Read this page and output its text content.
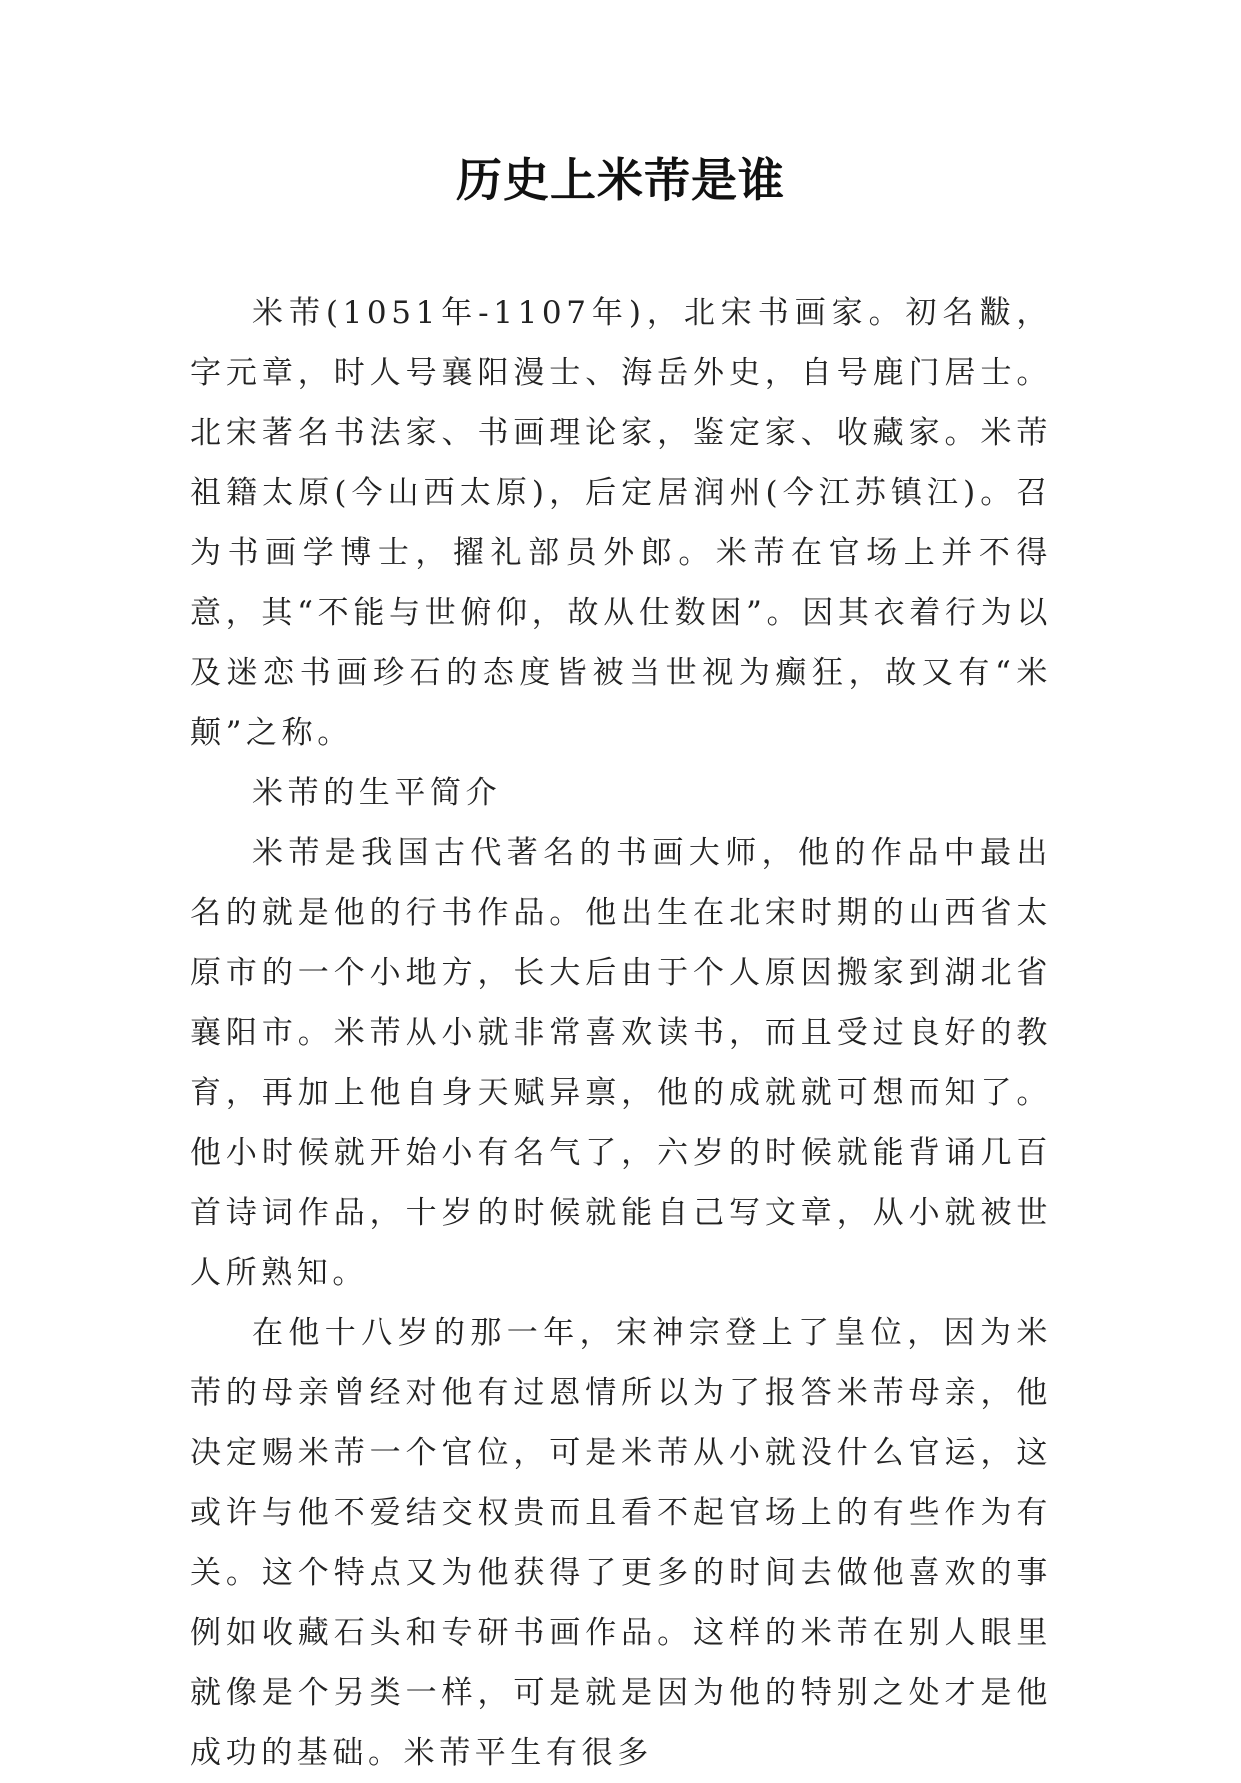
历史上米芾是谁

米芾(1051年-1107年)，北宋书画家。初名黻，字元章，时人号襄阳漫士、海岳外史，自号鹿门居士。北宋著名书法家、书画理论家，鉴定家、收藏家。米芾祖籍太原(今山西太原)，后定居润州(今江苏镇江)。召为书画学博士，擢礼部员外郎。米芾在官场上并不得意，其“不能与世俯仰，故从仕数困”。因其衣着行为以及迷恋书画珍石的态度皆被当世视为癫狂，故又有“米颠”之称。

米芾的生平简介

米芾是我国古代著名的书画大师，他的作品中最出名的就是他的行书作品。他出生在北宋时期的山西省太原市的一个小地方，长大后由于个人原因搬家到湖北省襄阳市。米芾从小就非常喜欢读书，而且受过良好的教育，再加上他自身天赋异禀，他的成就就可想而知了。他小时候就开始小有名气了，六岁的时候就能背诵几百首诗词作品，十岁的时候就能自己写文章，从小就被世人所熟知。

在他十八岁的那一年，宋神宗登上了皇位，因为米芾的母亲曾经对他有过恩情所以为了报答米芾母亲，他决定赐米芾一个官位，可是米芾从小就没什么官运，这或许与他不爱结交权贵而且看不起官场上的有些作为有关。这个特点又为他获得了更多的时间去做他喜欢的事例如收藏石头和专研书画作品。这样的米芾在别人眼里就像是个另类一样，可是就是因为他的特别之处才是他成功的基础。米芾平生有很多
